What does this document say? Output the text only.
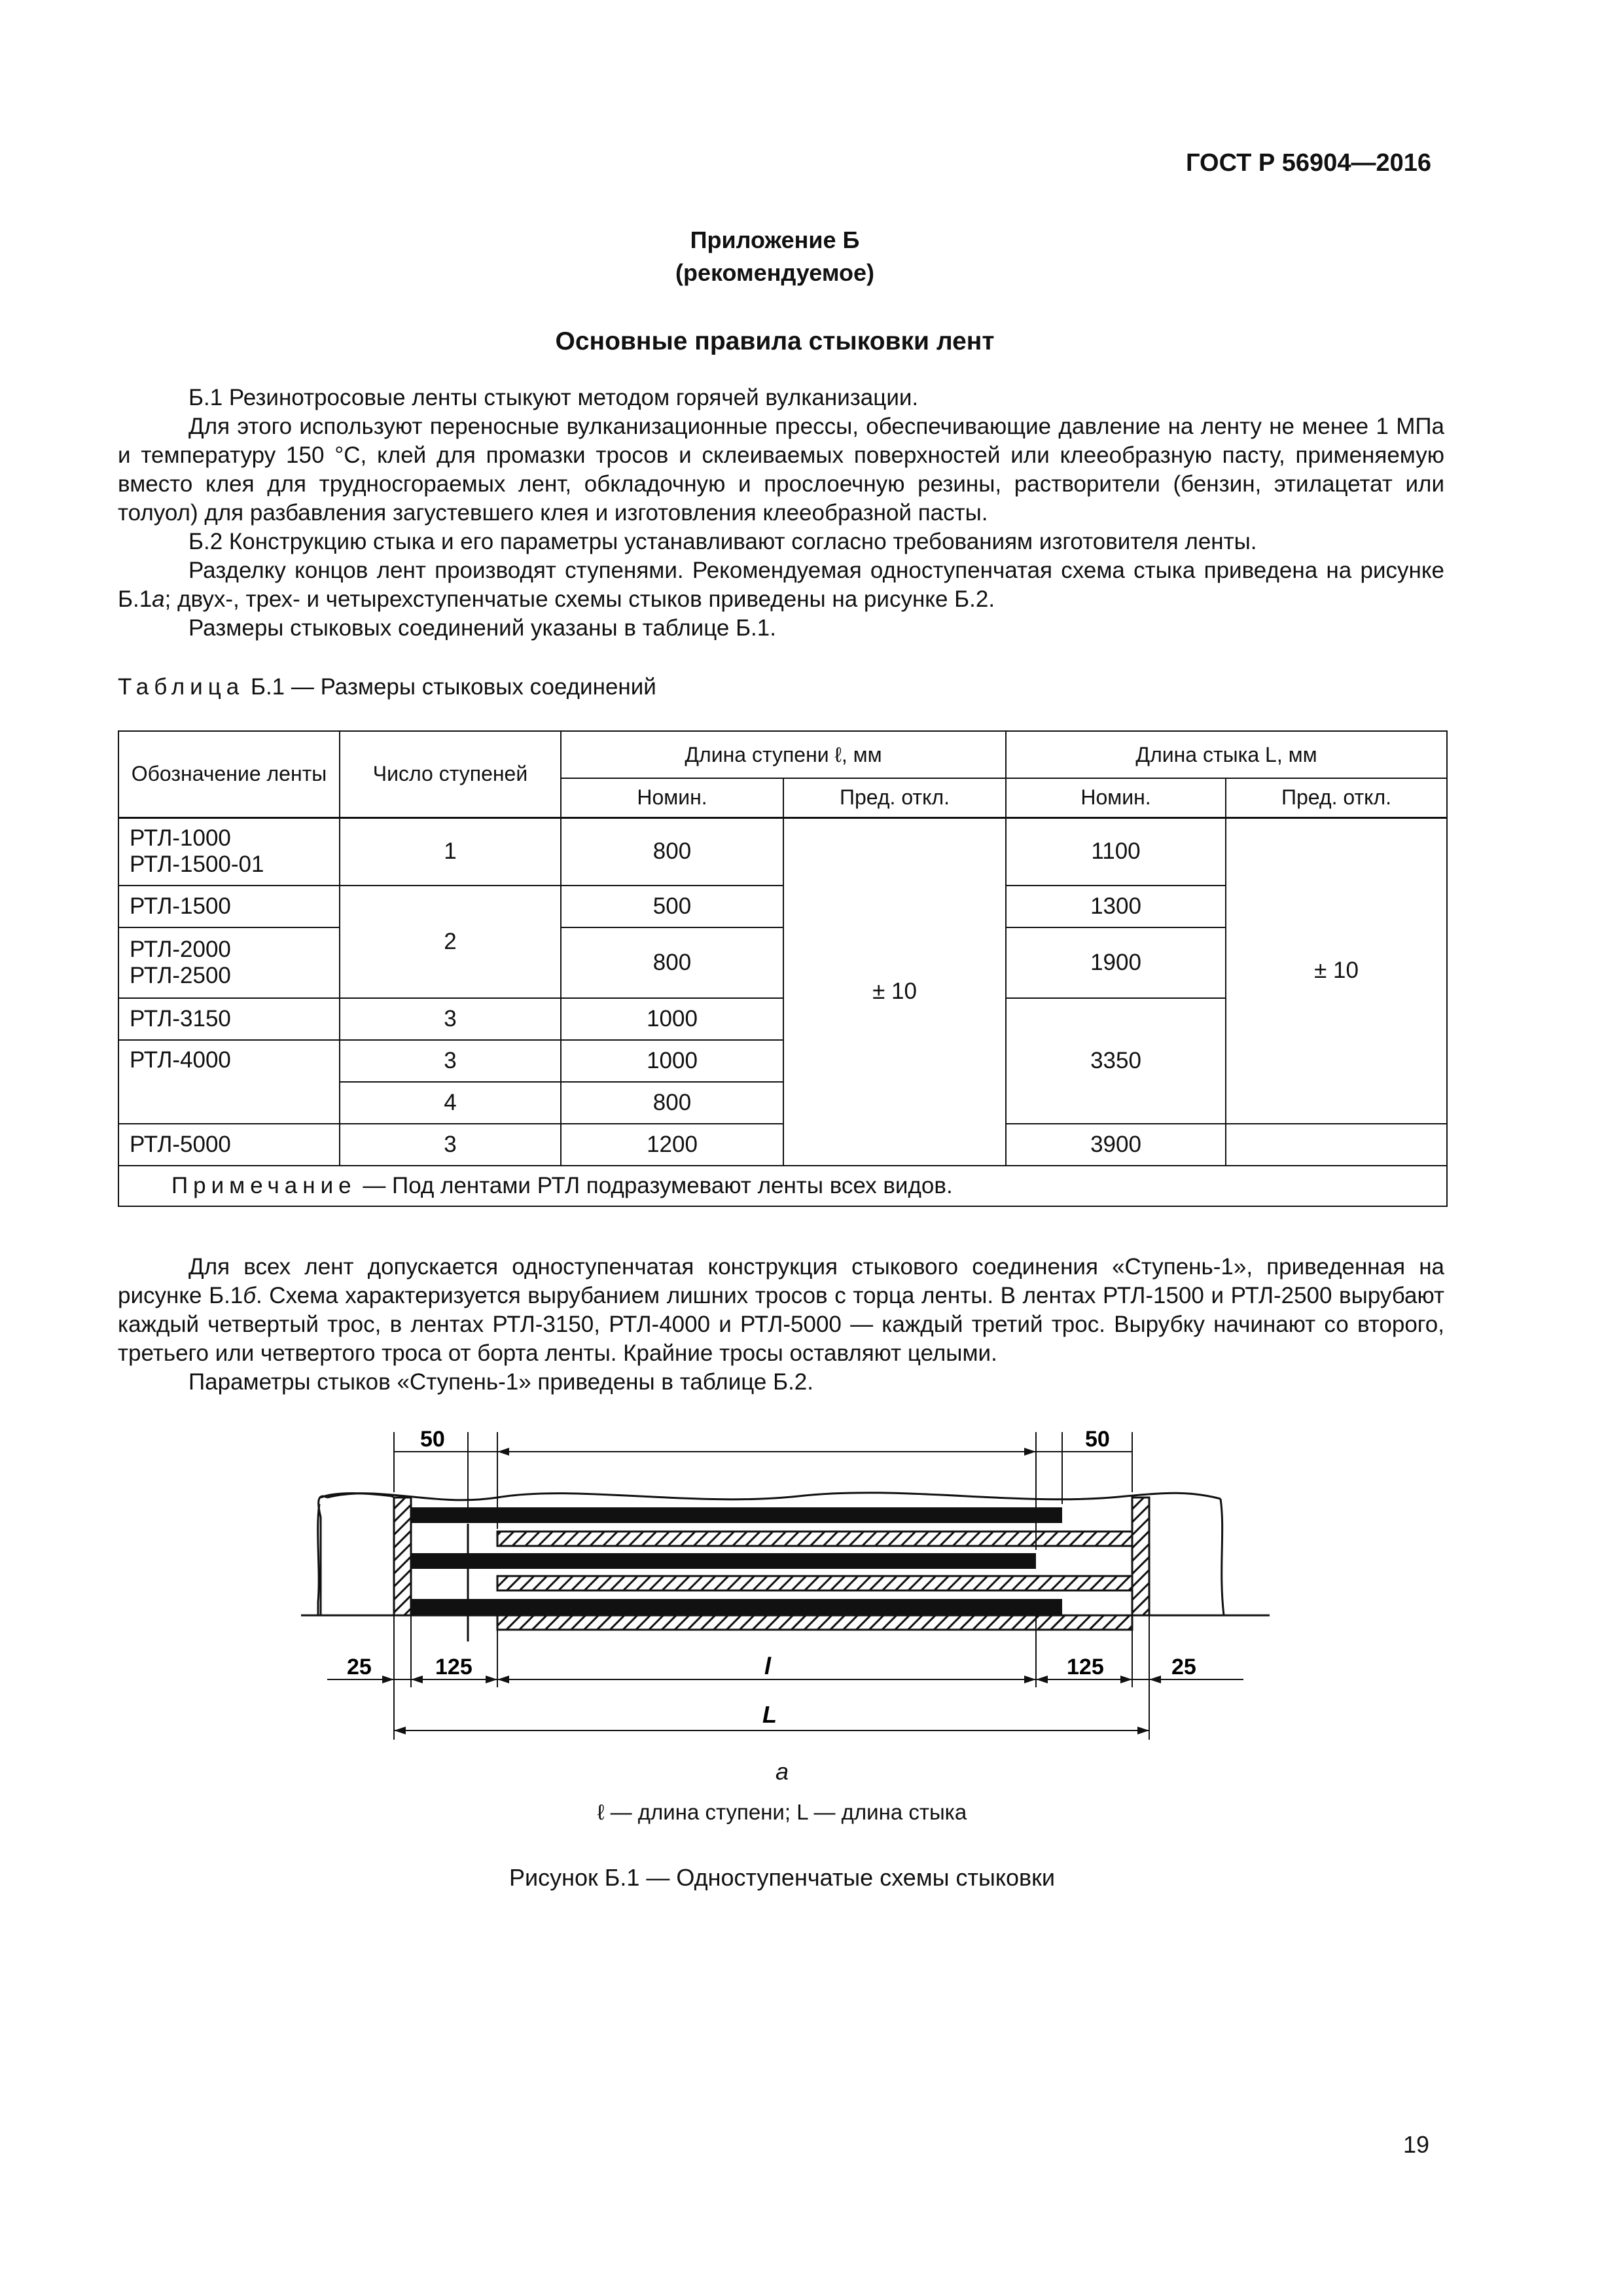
ГОСТ Р 56904—2016
Приложение Б
(рекомендуемое)
Основные правила стыковки лент
Б.1 Резинотросовые ленты стыкуют методом горячей вулканизации.
Для этого используют переносные вулканизационные прессы, обеспечивающие давление на ленту не менее 1 МПа и температуру 150 °С, клей для промазки тросов и склеиваемых поверхностей или клееобразную пасту, применяемую вместо клея для трудносгораемых лент, обкладочную и прослоечную резины, растворители (бензин, этилацетат или толуол) для разбавления загустевшего клея и изготовления клееобразной пасты.
Б.2 Конструкцию стыка и его параметры устанавливают согласно требованиям изготовителя ленты.
Разделку концов лент производят ступенями. Рекомендуемая одноступенчатая схема стыка приведена на рисунке Б.1а; двух-, трех- и четырехступенчатые схемы стыков приведены на рисунке Б.2.
Размеры стыковых соединений указаны в таблице Б.1.
Таблица Б.1 — Размеры стыковых соединений
Обозначение ленты	Число ступеней	Длина ступени ℓ, мм		Длина стыка L, мм	
		Номин.	Пред. откл.	Номин.	Пред. откл.

РТЛ-1000
РТЛ-1500-01	1	800	± 10	1100	± 10
РТЛ-1500	2	500		1300	

РТЛ-2000
РТЛ-2500		800		1900	
РТЛ-3150	3	1000		3350	
РТЛ-4000	3	1000			
	4	800			
РТЛ-5000	3	1200		3900	
Примечание — Под лентами РТЛ подразумевают ленты всех видов.					
Для всех лент допускается одноступенчатая конструкция стыкового соединения «Ступень-1», приведенная на рисунке Б.1б. Схема характеризуется вырубанием лишних тросов с торца ленты. В лентах РТЛ-1500 и РТЛ-2500 вырубают каждый четвертый трос, в лентах РТЛ-3150, РТЛ-4000 и РТЛ-5000 — каждый третий трос. Вырубку начинают со второго, третьего или четвертого троса от борта ленты. Крайние тросы оставляют целыми.
Параметры стыков «Ступень-1» приведены в таблице Б.2.
50	50
25	125	l	125	25
L
а
ℓ — длина ступени; L — длина стыка
Рисунок Б.1 — Одноступенчатые схемы стыковки
19
